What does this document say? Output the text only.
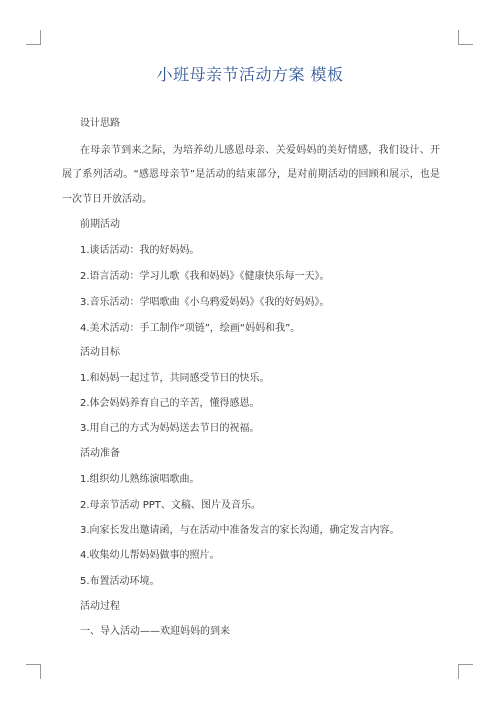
小班母亲节活动方案 模板
设计思路
在母亲节到来之际，为培养幼儿感恩母亲、关爱妈妈的美好情感，我们设计、开
展了系列活动。“感恩母亲节”是活动的结束部分，是对前期活动的回顾和展示，也是
一次节日开放活动。
前期活动
1.谈话活动：我的好妈妈。
2.语言活动：学习儿歌《我和妈妈》《健康快乐每一天》。
3.音乐活动：学唱歌曲《小乌鸦爱妈妈》《我的好妈妈》。
4.美术活动：手工制作“项链”，绘画“妈妈和我”。
活动目标
1.和妈妈一起过节，共同感受节日的快乐。
2.体会妈妈养育自己的辛苦，懂得感恩。
3.用自己的方式为妈妈送去节日的祝福。
活动准备
1.组织幼儿熟练演唱歌曲。
2.母亲节活动 PPT、文稿、图片及音乐。
3.向家长发出邀请函，与在活动中准备发言的家长沟通，确定发言内容。
4.收集幼儿帮妈妈做事的照片。
5.布置活动环境。
活动过程
一、导入活动——欢迎妈妈的到来
